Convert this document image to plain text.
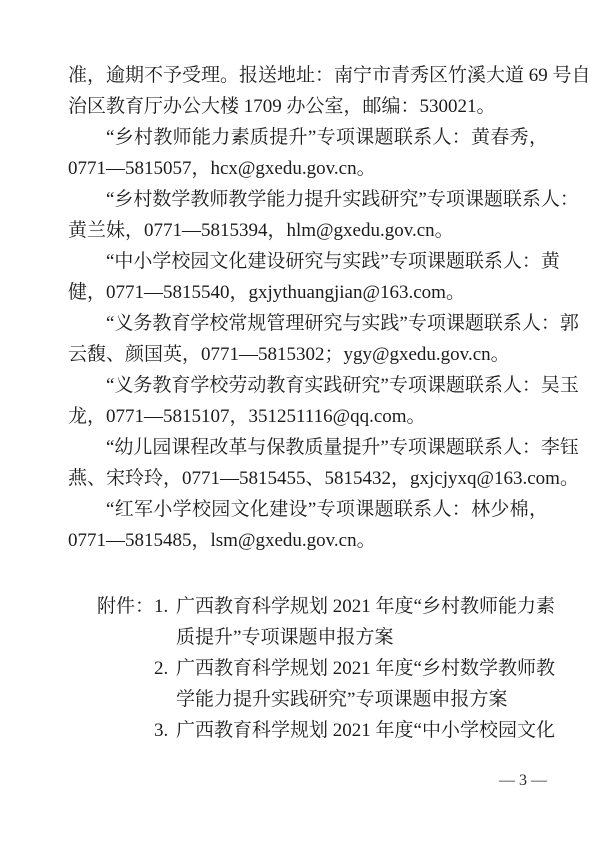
准，逾期不予受理。报送地址：南宁市青秀区竹溪大道 69 号自
治区教育厅办公大楼 1709 办公室，邮编：530021。
“乡村教师能力素质提升”专项课题联系人：黄春秀，
0771—5815057，hcx@gxedu.gov.cn。
“乡村数学教师教学能力提升实践研究”专项课题联系人：
黄兰妹，0771—5815394，hlm@gxedu.gov.cn。
“中小学校园文化建设研究与实践”专项课题联系人：黄
健，0771—5815540，gxjythuangjian@163.com。
“义务教育学校常规管理研究与实践”专项课题联系人：郭
云馥、颜国英，0771—5815302；ygy@gxedu.gov.cn。
“义务教育学校劳动教育实践研究”专项课题联系人：吴玉
龙，0771—5815107，351251116@qq.com。
“幼儿园课程改革与保教质量提升”专项课题联系人：李钰
燕、宋玲玲，0771—5815455、5815432，gxjcjyxq@163.com。
“红军小学校园文化建设”专项课题联系人：林少棉，
0771—5815485，lsm@gxedu.gov.cn。
附件： 1. 广西教育科学规划 2021 年度“乡村教师能力素
质提升”专项课题申报方案
2. 广西教育科学规划 2021 年度“乡村数学教师教
学能力提升实践研究”专项课题申报方案
3. 广西教育科学规划 2021 年度“中小学校园文化
— 3 —
